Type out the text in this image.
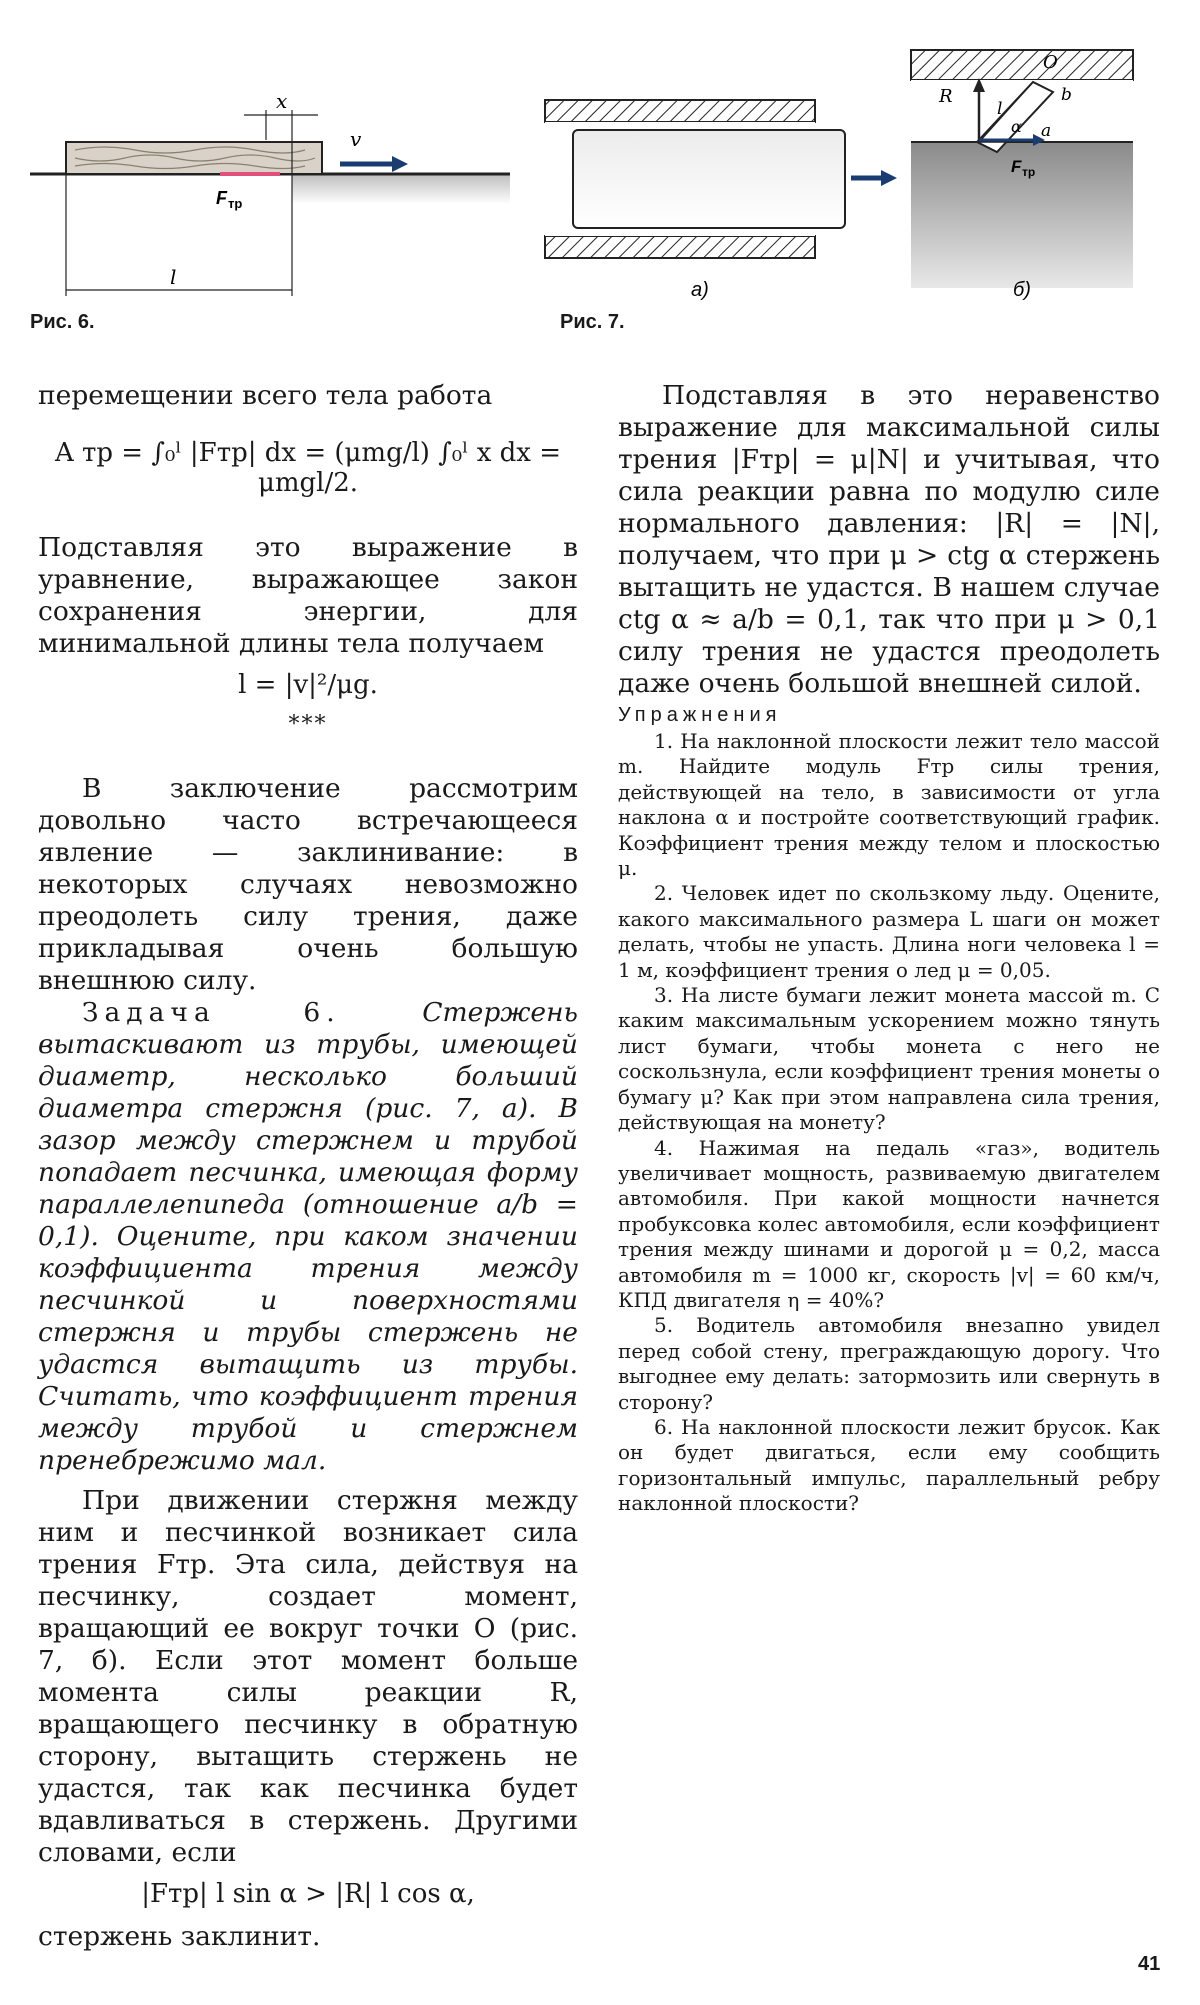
x
v
F тр
l
Рис. 6.
а)
O
R
l
b
α a
F тр
б)
Рис. 7.

перемещении всего тела работа

A тр = ∫₀ˡ |Fтр| dx = (μmg/l) ∫₀ˡ x dx = μmgl/2.

Подставляя это выражение в уравнение, выражающее закон сохранения энергии, для минимальной длины тела получаем

l = |v|²/μg.
***

В заключение рассмотрим довольно часто встречающееся явление — заклинивание: в некоторых случаях невозможно преодолеть силу трения, даже прикладывая очень большую внешнюю силу.

Задача 6.	Стержень вытаскивают из трубы, имеющей диаметр, несколько больший диаметра стержня (рис. 7, а). В зазор между стержнем и трубой попадает песчинка, имеющая форму параллелепипеда (отношение a/b = 0,1). Оцените, при каком значении коэффициента трения между песчинкой и поверхностями стержня и трубы стержень не удастся вытащить из трубы. Считать, что коэффициент трения между трубой и стержнем пренебрежимо мал.

При движении стержня между ним и песчинкой возникает сила трения Fтр. Эта сила, действуя на песчинку, создает момент, вращающий ее вокруг точки O (рис. 7, б). Если этот момент больше момента силы реакции R, вращающего песчинку в обратную сторону, вытащить стержень не удастся, так как песчинка будет вдавливаться в стержень. Другими словами, если

|Fтр| l sin α > |R| l cos α,

стержень заклинит.

Подставляя в это неравенство выражение для максимальной силы трения |Fтр| = μ|N| и учитывая, что сила реакции равна по модулю силе нормального давления: |R| = |N|, получаем, что при μ > ctg α стержень вытащить не удастся. В нашем случае ctg α ≈ a/b = 0,1, так что при μ > 0,1 силу трения не удастся преодолеть даже очень большой внешней силой.

Упражнения

1. На наклонной плоскости лежит тело массой m. Найдите модуль Fтр силы трения, действующей на тело, в зависимости от угла наклона α и постройте соответствующий график. Коэффициент трения между телом и плоскостью μ.

2. Человек идет по скользкому льду. Оцените, какого максимального размера L шаги он может делать, чтобы не упасть. Длина ноги человека l = 1 м, коэффициент трения о лед μ = 0,05.

3. На листе бумаги лежит монета массой m. С каким максимальным ускорением можно тянуть лист бумаги, чтобы монета с него не соскользнула, если коэффициент трения монеты о бумагу μ? Как при этом направлена сила трения, действующая на монету?

4. Нажимая на педаль «газ», водитель увеличивает мощность, развиваемую двигателем автомобиля. При какой мощности начнется пробуксовка колес автомобиля, если коэффициент трения между шинами и дорогой μ = 0,2, масса автомобиля m = 1000 кг, скорость |v| = 60 км/ч, КПД двигателя η = 40%?

5. Водитель автомобиля внезапно увидел перед собой стену, преграждающую дорогу. Что выгоднее ему делать: затормозить или свернуть в сторону?

6. На наклонной плоскости лежит брусок. Как он будет двигаться, если ему сообщить горизонтальный импульс, параллельный ребру наклонной плоскости?

41
